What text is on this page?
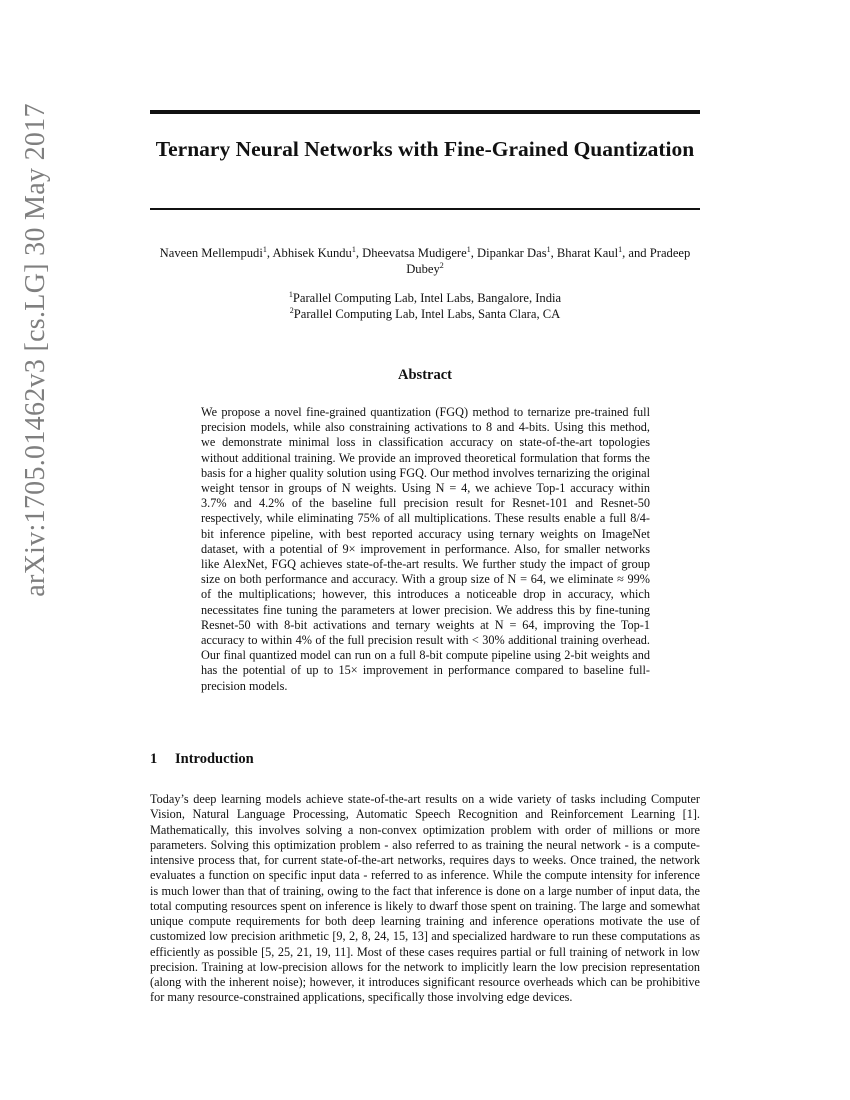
arXiv:1705.01462v3 [cs.LG] 30 May 2017	Ternary Neural Networks with Fine-Grained Quantization
Naveen Mellempudi$^1$, Abhisek Kundu$^1$, Dheevatsa Mudigere$^1$, Dipankar Das$^1$, Bharat Kaul$^1$, and Pradeep Dubey$^2$
$^1$Parallel Computing Lab, Intel Labs, Bangalore, India
$^2$Parallel Computing Lab, Intel Labs, Santa Clara, CA
Abstract

We propose a novel fine-grained quantization (FGQ) method to ternarize pre-trained full precision models, while also constraining activations to 8 and 4-bits. Using this method, we demonstrate minimal loss in classification accuracy on state-of-the-art topologies without additional training. We provide an improved theoretical formulation that forms the basis for a higher quality solution using FGQ. Our method involves ternarizing the original weight tensor in groups of N weights. Using N = 4, we achieve Top-1 accuracy within 3.7% and 4.2% of the baseline full precision result for Resnet-101 and Resnet-50 respectively, while eliminating 75% of all multiplications. These results enable a full 8/4-bit inference pipeline, with best reported accuracy using ternary weights on ImageNet dataset, with a potential of 9× improvement in performance. Also, for smaller networks like AlexNet, FGQ achieves state-of-the-art results. We further study the impact of group size on both performance and accuracy. With a group size of N = 64, we eliminate ≈ 99% of the multiplications; however, this introduces a noticeable drop in accuracy, which necessitates fine tuning the parameters at lower precision. We address this by fine-tuning Resnet-50 with 8-bit activations and ternary weights at N = 64, improving the Top-1 accuracy to within 4% of the full precision result with < 30% additional training overhead. Our final quantized model can run on a full 8-bit compute pipeline using 2-bit weights and has the potential of up to 15× improvement in performance compared to baseline full-precision models.

1 Introduction

Today’s deep learning models achieve state-of-the-art results on a wide variety of tasks including Computer Vision, Natural Language Processing, Automatic Speech Recognition and Reinforcement Learning [1]. Mathematically, this involves solving a non-convex optimization problem with order of millions or more parameters. Solving this optimization problem - also referred to as training the neural network - is a compute-intensive process that, for current state-of-the-art networks, requires days to weeks. Once trained, the network evaluates a function on specific input data - referred to as inference. While the compute intensity for inference is much lower than that of training, owing to the fact that inference is done on a large number of input data, the total computing resources spent on inference is likely to dwarf those spent on training. The large and somewhat unique compute requirements for both deep learning training and inference operations motivate the use of customized low precision arithmetic [9, 2, 8, 24, 15, 13] and specialized hardware to run these computations as efficiently as possible [5, 25, 21, 19, 11]. Most of these cases requires partial or full training of network in low precision. Training at low-precision allows for the network to implicitly learn the low precision representation (along with the inherent noise); however, it introduces significant resource overheads which can be prohibitive for many resource-constrained applications, specifically those involving edge devices.
